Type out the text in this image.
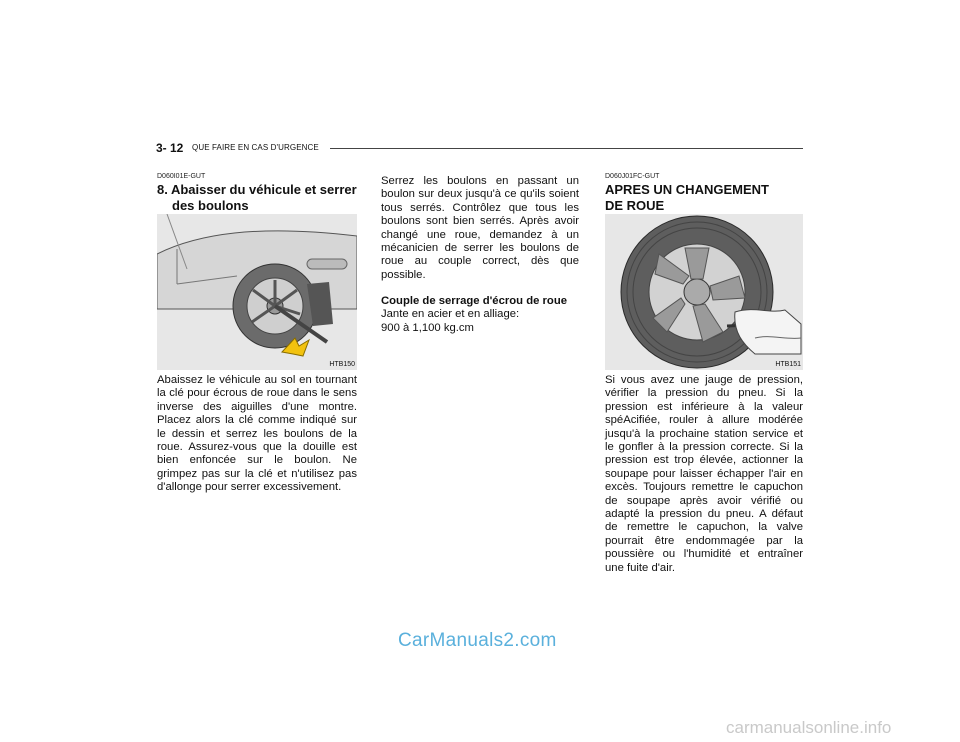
3- 12 QUE FAIRE EN CAS D'URGENCE
D060I01E-GUT
8. Abaisser du véhicule et serrer
des boulons
HTB150
Abaissez le véhicule au sol en tournant la clé pour écrous de roue dans le sens inverse des aiguilles d'une montre. Placez alors la clé comme indiqué sur le dessin et serrez les boulons de la roue. Assurez-vous que la douille est bien enfoncée sur le boulon. Ne grimpez pas sur la clé et n'utilisez pas d'allonge pour serrer excessivement.
Serrez les boulons en passant un boulon sur deux jusqu'à ce qu'ils soient tous serrés. Contrôlez que tous les boulons sont bien serrés. Après avoir changé une roue, demandez à un mécanicien de serrer les boulons de roue au couple correct, dès que possible.
Couple de serrage d'écrou de roue
Jante en acier et en alliage:
900 à 1,100 kg.cm
D060J01FC-GUT
APRES UN CHANGEMENT
DE ROUE
HTB151
Si vous avez une jauge de pression, vérifier la pression du pneu. Si la pression est inférieure à la valeur spéAcifiée, rouler à allure modérée jusqu'à la prochaine station service et le gonfler à la pression correcte. Si la pression est trop élevée, actionner la soupape pour laisser échapper l'air en excès. Toujours remettre le capuchon de soupape après avoir vérifié ou adapté la pression du pneu. A défaut de remettre le capuchon, la valve pourrait être endommagée par la poussière ou l'humidité et entraîner une fuite d'air.
CarManuals2.com
carmanualsonline.info
